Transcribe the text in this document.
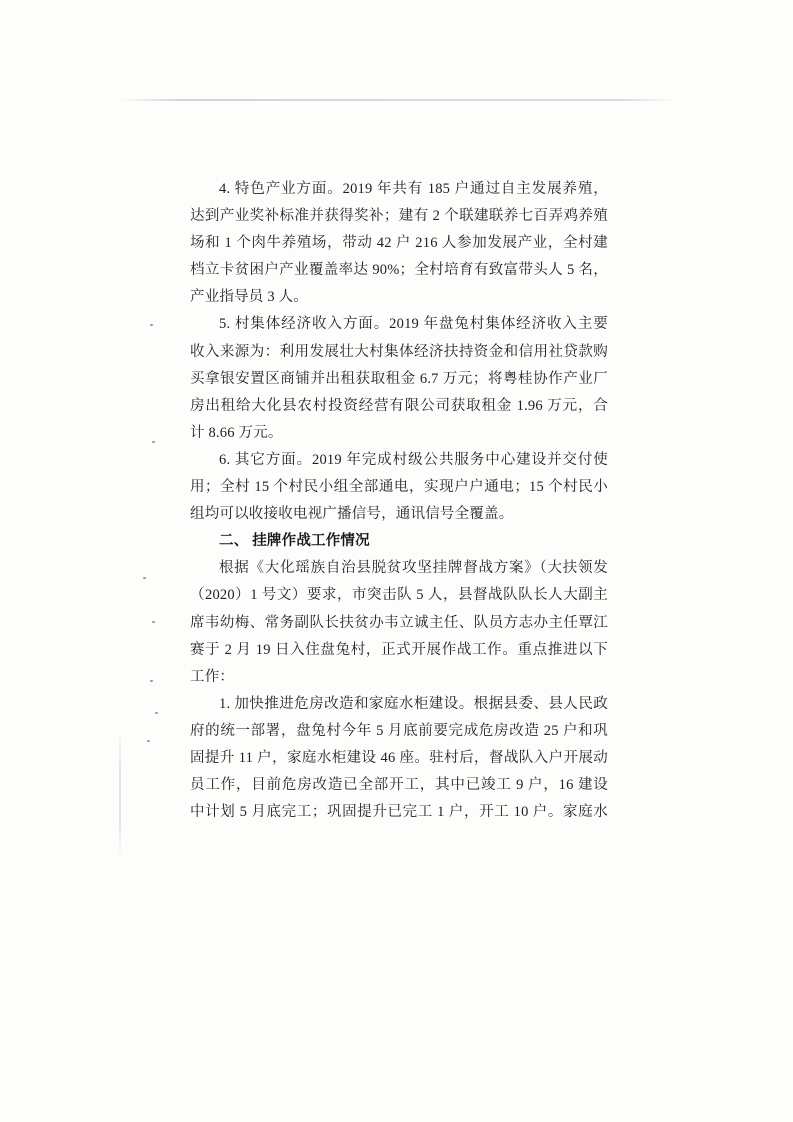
4. 特色产业方面。2019 年共有 185 户通过自主发展养殖，
达到产业奖补标准并获得奖补；建有 2 个联建联养七百弄鸡养殖
场和 1 个肉牛养殖场，带动 42 户 216 人参加发展产业，全村建
档立卡贫困户产业覆盖率达 90%；全村培育有致富带头人 5 名，
产业指导员 3 人。
5. 村集体经济收入方面。2019 年盘兔村集体经济收入主要
收入来源为：利用发展壮大村集体经济扶持资金和信用社贷款购
买拿银安置区商铺并出租获取租金 6.7 万元；将粤桂协作产业厂
房出租给大化县农村投资经营有限公司获取租金 1.96 万元，合
计 8.66 万元。
6. 其它方面。2019 年完成村级公共服务中心建设并交付使
用；全村 15 个村民小组全部通电，实现户户通电；15 个村民小
组均可以收接收电视广播信号，通讯信号全覆盖。
二、 挂牌作战工作情况
根据《大化瑶族自治县脱贫攻坚挂牌督战方案》（大扶领发
（2020）1 号文）要求，市突击队 5 人，县督战队队长人大副主
席韦幼梅、常务副队长扶贫办韦立诚主任、队员方志办主任覃江
赛于 2 月 19 日入住盘兔村，正式开展作战工作。重点推进以下
工作：
1. 加快推进危房改造和家庭水柜建设。根据县委、县人民政
府的统一部署，盘兔村今年 5 月底前要完成危房改造 25 户和巩
固提升 11 户，家庭水柜建设 46 座。驻村后，督战队入户开展动
员工作，目前危房改造已全部开工，其中已竣工 9 户，16 建设
中计划 5 月底完工；巩固提升已完工 1 户，开工 10 户。家庭水
